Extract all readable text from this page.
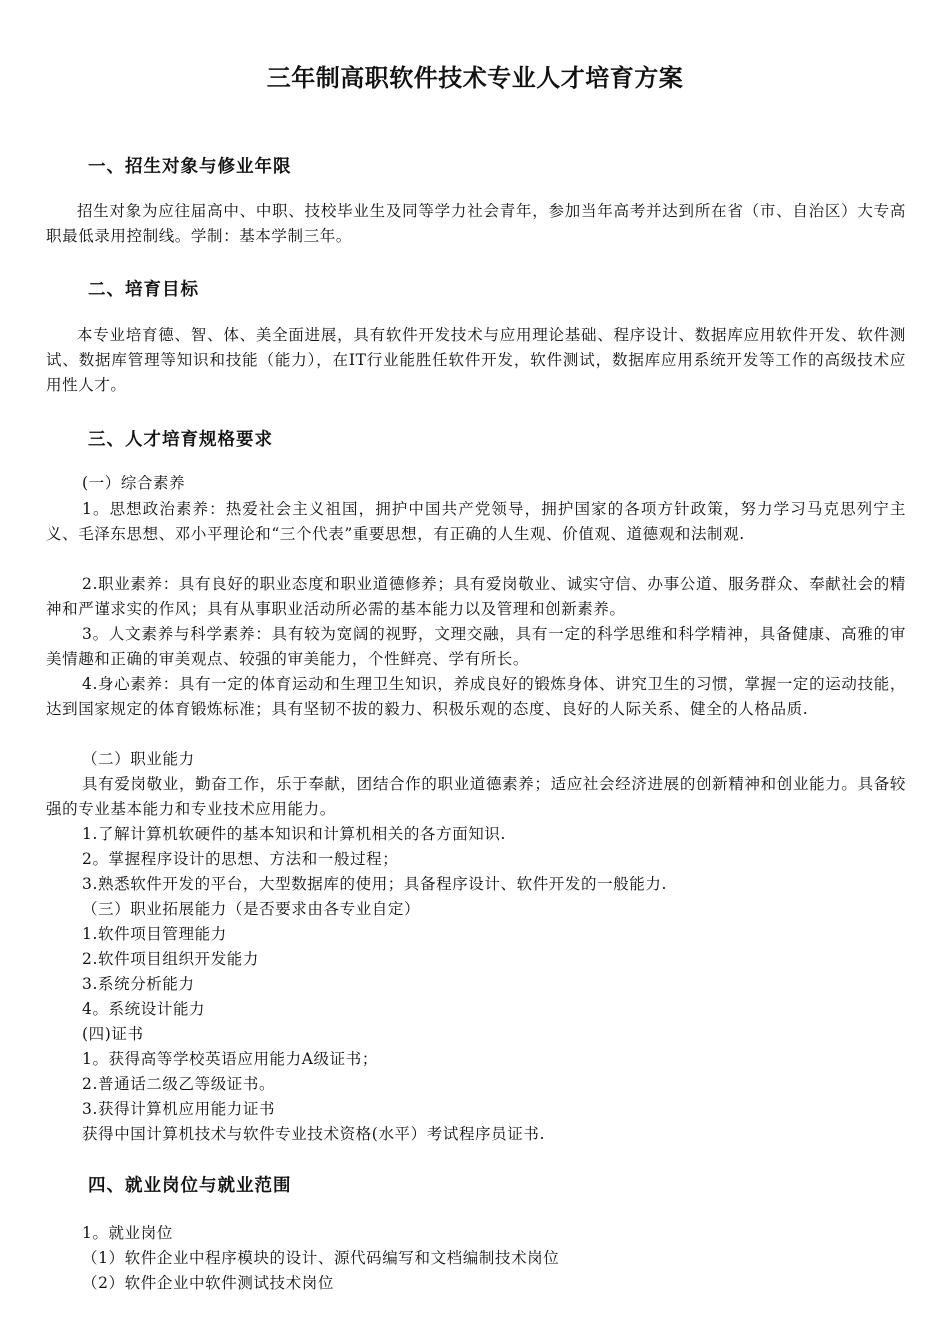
三年制高职软件技术专业人才培育方案
一、招生对象与修业年限
招生对象为应往届高中、中职、技校毕业生及同等学力社会青年，参加当年高考并达到所在省（市、自治区）大专高职最低录用控制线。学制：基本学制三年。
二、培育目标
本专业培育德、智、体、美全面进展，具有软件开发技术与应用理论基础、程序设计、数据库应用软件开发、软件测试、数据库管理等知识和技能（能力），在IT行业能胜任软件开发，软件测试，数据库应用系统开发等工作的高级技术应用性人才。
三、人才培育规格要求
(一）综合素养
1。思想政治素养：热爱社会主义祖国，拥护中国共产党领导，拥护国家的各项方针政策，努力学习马克思列宁主义、毛泽东思想、邓小平理论和“三个代表”重要思想，有正确的人生观、价值观、道德观和法制观.
2.职业素养：具有良好的职业态度和职业道德修养；具有爱岗敬业、诚实守信、办事公道、服务群众、奉献社会的精神和严谨求实的作风；具有从事职业活动所必需的基本能力以及管理和创新素养。
3。人文素养与科学素养：具有较为宽阔的视野，文理交融，具有一定的科学思维和科学精神，具备健康、高雅的审美情趣和正确的审美观点、较强的审美能力，个性鲜亮、学有所长。
4.身心素养：具有一定的体育运动和生理卫生知识，养成良好的锻炼身体、讲究卫生的习惯，掌握一定的运动技能，达到国家规定的体育锻炼标准；具有坚韧不拔的毅力、积极乐观的态度、良好的人际关系、健全的人格品质.
（二）职业能力
具有爱岗敬业，勤奋工作，乐于奉献，团结合作的职业道德素养；适应社会经济进展的创新精神和创业能力。具备较强的专业基本能力和专业技术应用能力。
1.了解计算机软硬件的基本知识和计算机相关的各方面知识.
2。掌握程序设计的思想、方法和一般过程；
3.熟悉软件开发的平台，大型数据库的使用；具备程序设计、软件开发的一般能力.
（三）职业拓展能力（是否要求由各专业自定）
1.软件项目管理能力
2.软件项目组织开发能力
3.系统分析能力
4。系统设计能力
(四)证书
1。获得高等学校英语应用能力A级证书；
2.普通话二级乙等级证书。
3.获得计算机应用能力证书
获得中国计算机技术与软件专业技术资格(水平）考试程序员证书.
四、就业岗位与就业范围
1。就业岗位
（1）软件企业中程序模块的设计、源代码编写和文档编制技术岗位
（2）软件企业中软件测试技术岗位
